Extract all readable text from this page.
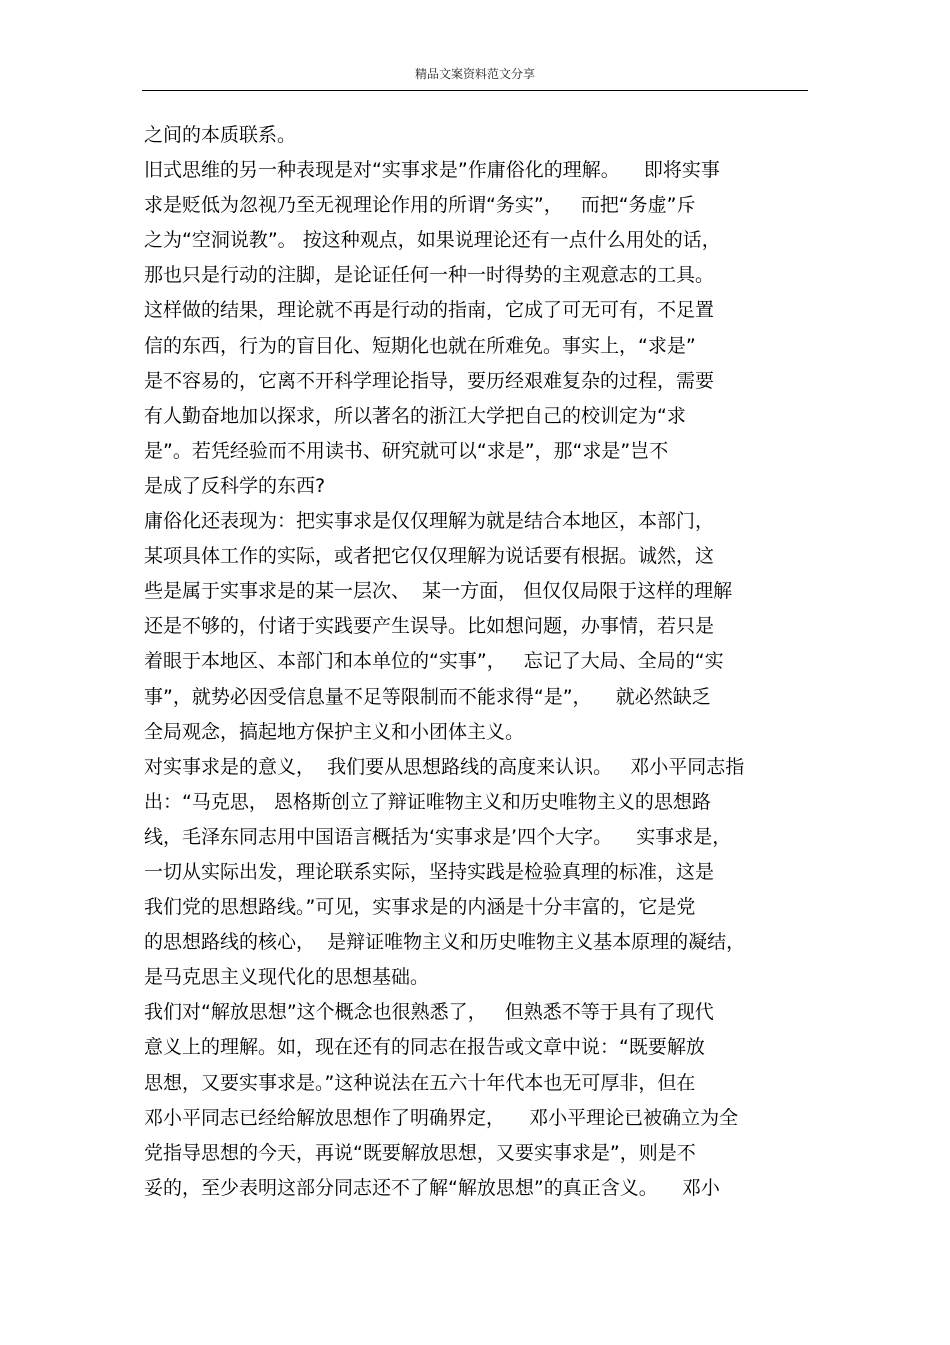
精品文案资料范文分享
之间的本质联系。
旧式思维的另一种表现是对“实事求是”作庸俗化的理解。    即将实事
求是贬低为忽视乃至无视理论作用的所谓“务实”，   而把“务虚”斥
之为“空洞说教”。 按这种观点，如果说理论还有一点什么用处的话，
那也只是行动的注脚，是论证任何一种一时得势的主观意志的工具。
这样做的结果，理论就不再是行动的指南，它成了可无可有，不足置
信的东西，行为的盲目化、短期化也就在所难免。事实上，“求是”
是不容易的，它离不开科学理论指导，要历经艰难复杂的过程，需要
有人勤奋地加以探求，所以著名的浙江大学把自己的校训定为“求
是”。若凭经验而不用读书、研究就可以“求是”，那“求是”岂不
是成了反科学的东西?
庸俗化还表现为：把实事求是仅仅理解为就是结合本地区，本部门，
某项具体工作的实际，或者把它仅仅理解为说话要有根据。诚然，这
些是属于实事求是的某一层次、  某一方面， 但仅仅局限于这样的理解
还是不够的，付诸于实践要产生误导。比如想问题，办事情，若只是
着眼于本地区、本部门和本单位的“实事”，   忘记了大局、全局的“实
事”，就势必因受信息量不足等限制而不能求得“是”，    就必然缺乏
全局观念，搞起地方保护主义和小团体主义。
对实事求是的意义，  我们要从思想路线的高度来认识。   邓小平同志指
出：“马克思， 恩格斯创立了辩证唯物主义和历史唯物主义的思想路
线，毛泽东同志用中国语言概括为‘实事求是’四个大字。    实事求是，
一切从实际出发，理论联系实际，坚持实践是检验真理的标准，这是
我们党的思想路线。”可见，实事求是的内涵是十分丰富的，它是党
的思想路线的核心，  是辩证唯物主义和历史唯物主义基本原理的凝结，
是马克思主义现代化的思想基础。
我们对“解放思想”这个概念也很熟悉了，   但熟悉不等于具有了现代
意义上的理解。如，现在还有的同志在报告或文章中说：“既要解放
思想，又要实事求是。”这种说法在五六十年代本也无可厚非，但在
邓小平同志已经给解放思想作了明确界定，    邓小平理论已被确立为全
党指导思想的今天，再说“既要解放思想，又要实事求是”，则是不
妥的，至少表明这部分同志还不了解“解放思想”的真正含义。    邓小
